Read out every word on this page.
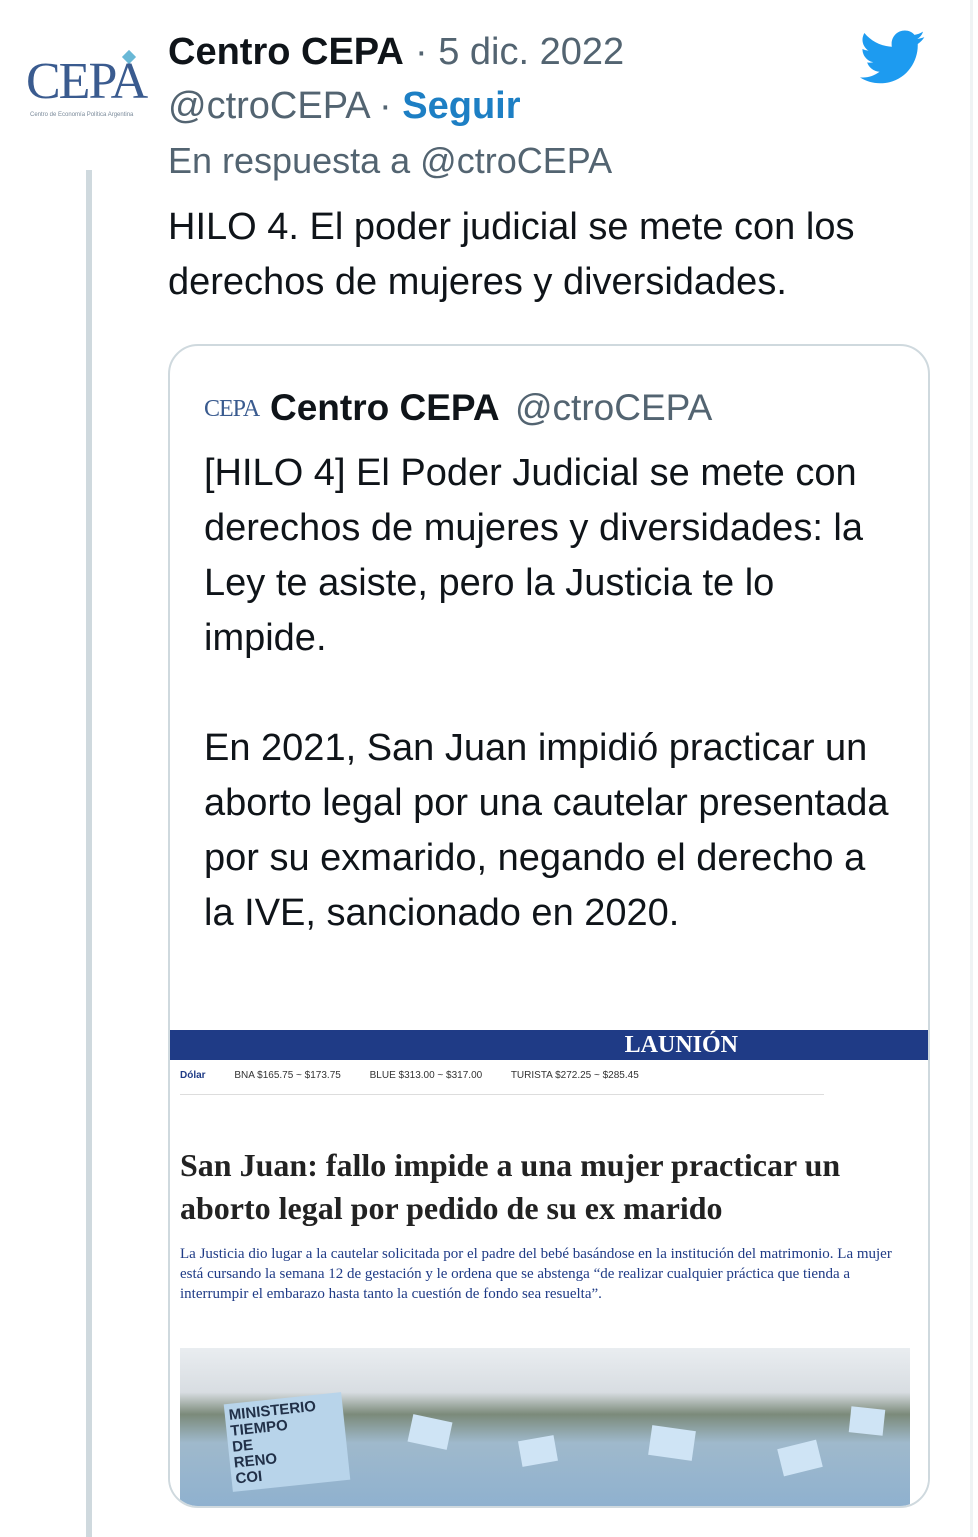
CEPA
Centro de Economía Política Argentina
Centro CEPA · 5 dic. 2022
@ctroCEPA · Seguir
En respuesta a @ctroCEPA
HILO 4. El poder judicial se mete con los derechos de mujeres y diversidades.
CEPA Centro CEPA @ctroCEPA
[HILO 4] El Poder Judicial se mete con derechos de mujeres y diversidades: la Ley te asiste, pero la Justicia te lo impide.

En 2021, San Juan impidió practicar un aborto legal por una cautelar presentada por su exmarido, negando el derecho a la IVE, sancionado en 2020.
LAUNIÓN
Dólar	BNA $165.75 ~ $173.75	BLUE $313.00 ~ $317.00	TURISTA $272.25 ~ $285.45
San Juan: fallo impide a una mujer practicar un aborto legal por pedido de su ex marido
La Justicia dio lugar a la cautelar solicitada por el padre del bebé basándose en la institución del matrimonio. La mujer está cursando la semana 12 de gestación y le ordena que se abstenga “de realizar cualquier práctica que tienda a interrumpir el embarazo hasta tanto la cuestión de fondo sea resuelta”.
MINISTERIO
TIEMPO
DE
RENO
COI
